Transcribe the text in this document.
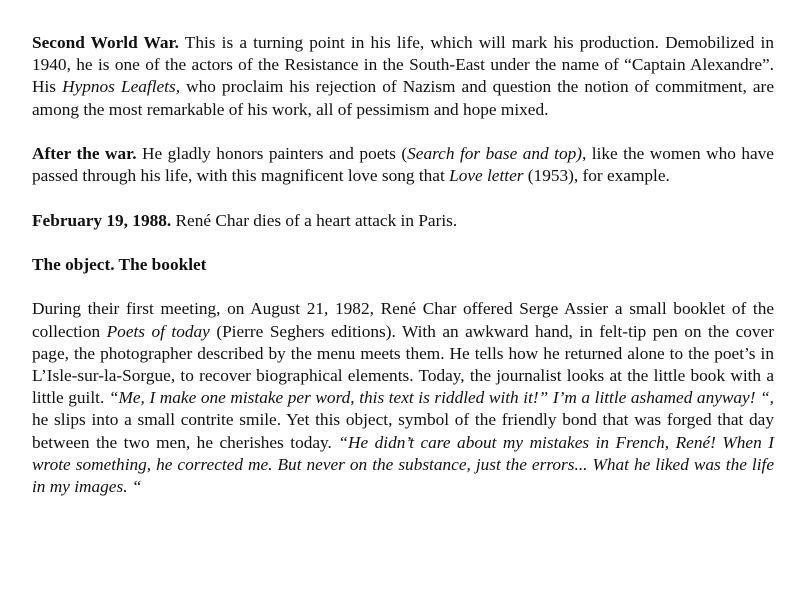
Second World War. This is a turning point in his life, which will mark his production. Demobilized in 1940, he is one of the actors of the Resistance in the South-East under the name of “Captain Alexandre”. His Hypnos Leaflets, who proclaim his rejection of Nazism and question the notion of commitment, are among the most remarkable of his work, all of pessimism and hope mixed.

After the war. He gladly honors painters and poets (Search for base and top), like the women who have passed through his life, with this magnificent love song that Love letter (1953), for example.

February 19, 1988. René Char dies of a heart attack in Paris.

The object. The booklet

During their first meeting, on August 21, 1982, René Char offered Serge Assier a small booklet of the collection Poets of today (Pierre Seghers editions). With an awkward hand, in felt-tip pen on the cover page, the photographer described by the menu meets them. He tells how he returned alone to the poet’s in L’Isle-sur-la-Sorgue, to recover biographical elements. Today, the journalist looks at the little book with a little guilt. “Me, I make one mistake per word, this text is riddled with it!” I’m a little ashamed anyway! “, he slips into a small contrite smile. Yet this object, symbol of the friendly bond that was forged that day between the two men, he cherishes today. “He didn’t care about my mistakes in French, René! When I wrote something, he corrected me. But never on the substance, just the errors... What he liked was the life in my images. “
